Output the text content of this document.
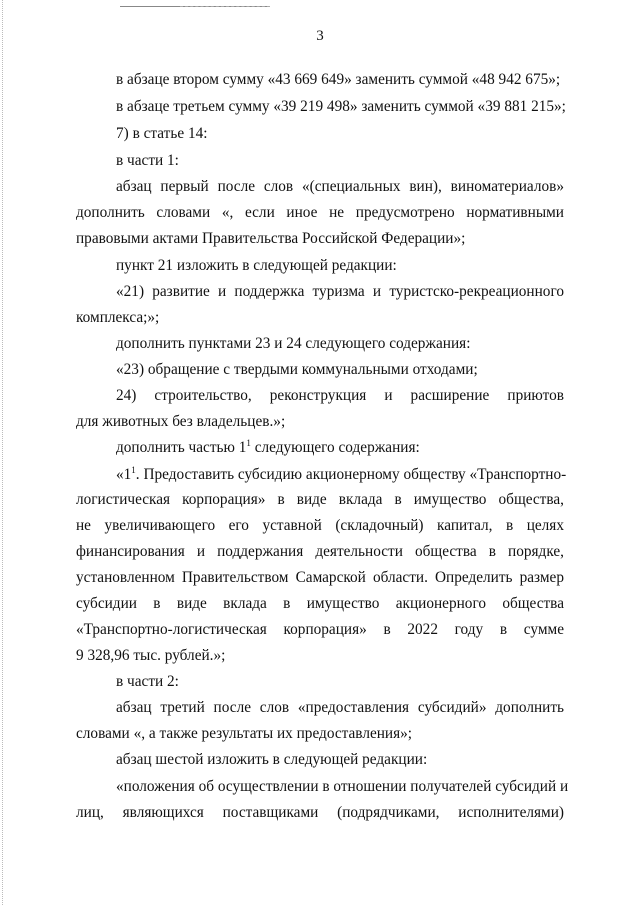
3
в абзаце втором сумму «43 669 649» заменить суммой «48 942 675»;
в абзаце третьем сумму «39 219 498» заменить суммой «39 881 215»;
7) в статье 14:
в части 1:
абзац первый после слов «(специальных вин), виноматериалов»
дополнить словами «, если иное не предусмотрено нормативными
правовыми актами Правительства Российской Федерации»;
пункт 21 изложить в следующей редакции:
«21) развитие и поддержка туризма и туристско-рекреационного
комплекса;»;
дополнить пунктами 23 и 24 следующего содержания:
«23) обращение с твердыми коммунальными отходами;
24) строительство, реконструкция и расширение приютов
для животных без владельцев.»;
дополнить частью $1^1$ следующего содержания:
«$1^1$. Предоставить субсидию акционерному обществу «Транспортно-
логистическая корпорация» в виде вклада в имущество общества,
не увеличивающего его уставной (складочный) капитал, в целях
финансирования и поддержания деятельности общества в порядке,
установленном Правительством Самарской области. Определить размер
субсидии в виде вклада в имущество акционерного общества
«Транспортно-логистическая корпорация» в 2022 году в сумме
9 328,96 тыс. рублей.»;
в части 2:
абзац третий после слов «предоставления субсидий» дополнить
словами «, а также результаты их предоставления»;
абзац шестой изложить в следующей редакции:
«положения об осуществлении в отношении получателей субсидий и
лиц, являющихся поставщиками (подрядчиками, исполнителями)
